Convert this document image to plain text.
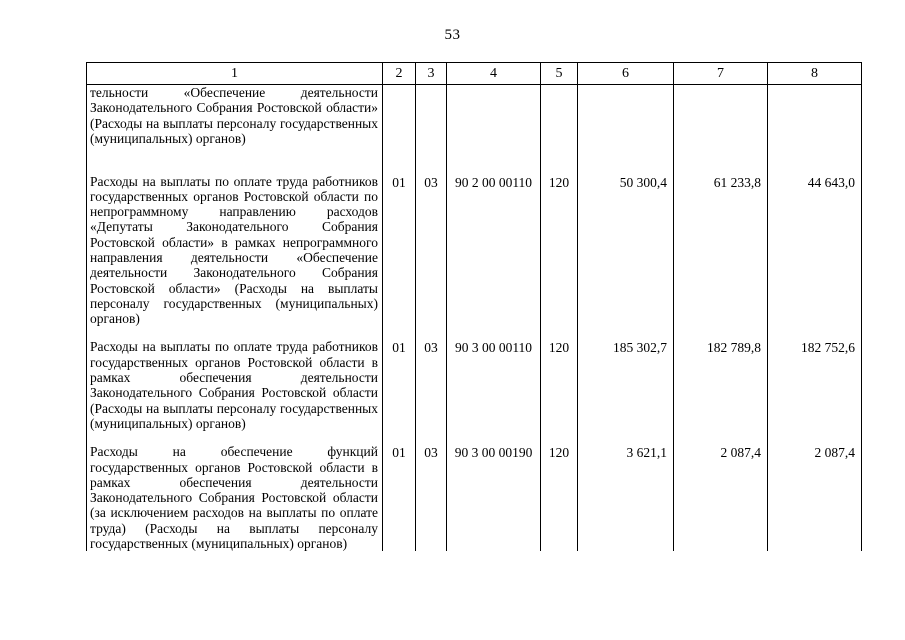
53
1	2	3	4	5	6	7	8
тельности «Обеспечение деятельности Законодательного Собрания Ростовской области» (Расходы на выплаты персоналу государственных (муниципальных) органов)							
Расходы на выплаты по оплате труда работников государственных органов Ростовской области по непрограммному направлению расходов «Депутаты Законодательного Собрания Ростовской области» в рамках непрограммного направления деятельности «Обеспечение деятельности Законодательного Собрания Ростовской области» (Расходы на выплаты персоналу государственных (муниципальных) органов)	01	03	90 2 00 00110	120	50 300,4	61 233,8	44 643,0
Расходы на выплаты по оплате труда работников государственных органов Ростовской области в рамках обеспечения деятельности Законодательного Собрания Ростовской области (Расходы на выплаты персоналу государственных (муниципальных) органов)	01	03	90 3 00 00110	120	185 302,7	182 789,8	182 752,6
Расходы на обеспечение функций государственных органов Ростовской области в рамках обеспечения деятельности Законодательного Собрания Ростовской области (за исключением расходов на выплаты по оплате труда) (Расходы на выплаты персоналу государственных (муниципальных) органов)	01	03	90 3 00 00190	120	3 621,1	2 087,4	2 087,4
